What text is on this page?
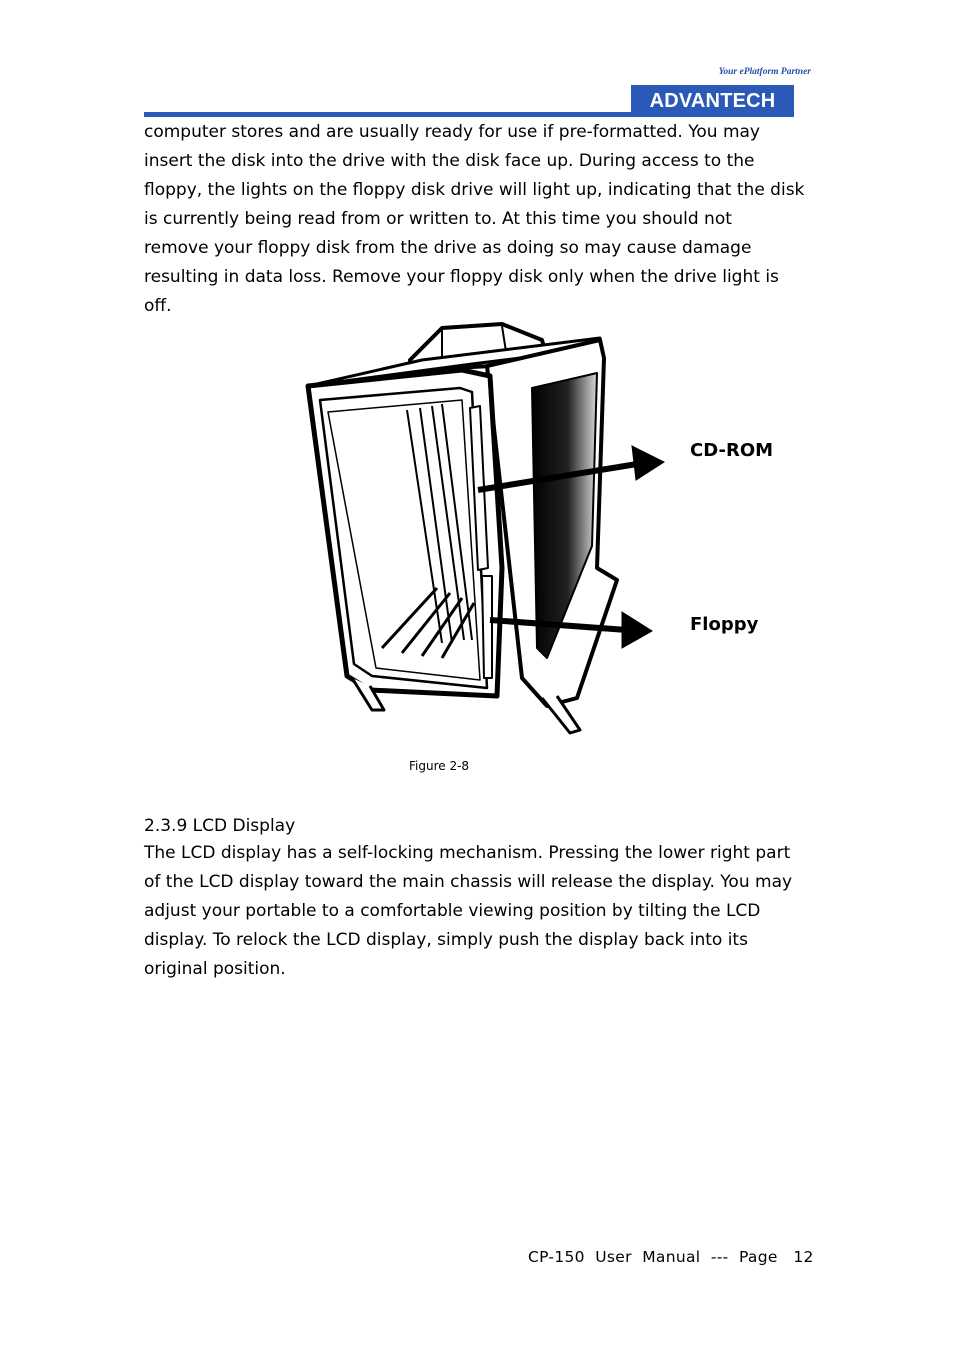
Your ePlatform Partner
ADVANTECH

computer stores and are usually ready for use if pre-formatted. You may

insert the disk into the drive with the disk face up. During access to the

floppy, the lights on the floppy disk drive will light up, indicating that the disk

is currently being read from or written to. At this time you should not

remove your floppy disk from the drive as doing so may cause damage

resulting in data loss. Remove your floppy disk only when the drive light is

off.

CD-ROM
Floppy
Figure 2-8
2.3.9 LCD Display

The LCD display has a self-locking mechanism. Pressing the lower right part

of the LCD display toward the main chassis will release the display. You may

adjust your portable to a comfortable viewing position by tilting the LCD

display. To relock the LCD display, simply push the display back into its

original position.

CP-150  User  Manual  ---  Page   12
